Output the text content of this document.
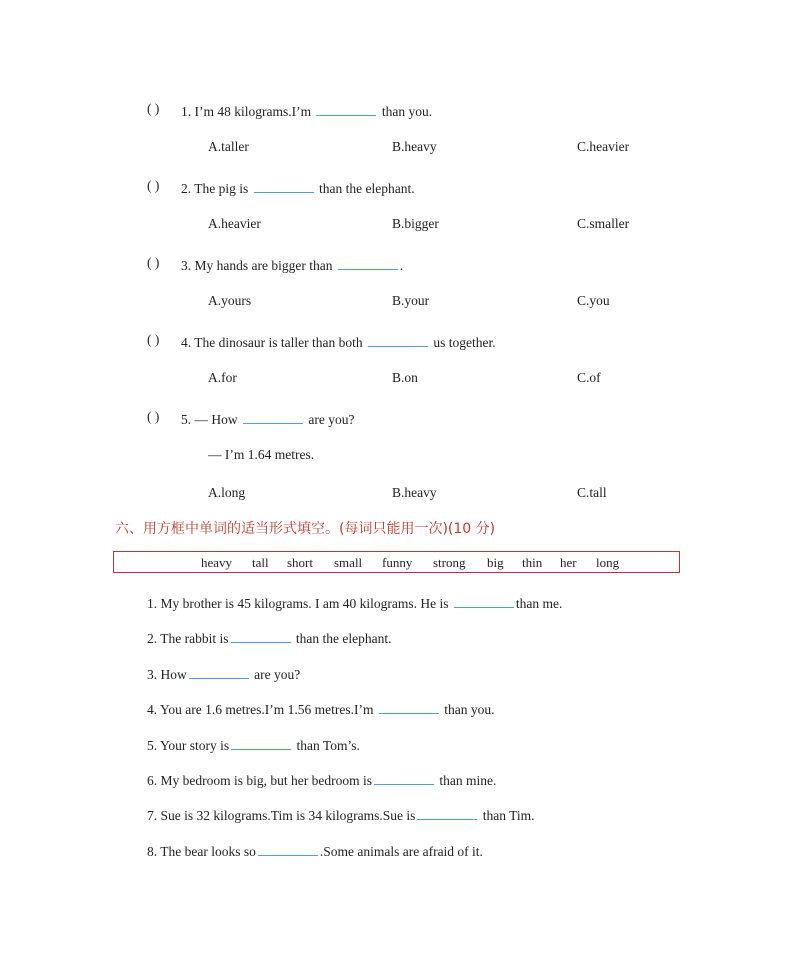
( ) 1. I’m 48 kilograms.I’m	than you.
A.taller	B.heavy	C.heavier
( ) 2. The pig is	than the elephant.
A.heavier	B.bigger	C.smaller
( ) 3. My hands are bigger than	.
A.yours	B.your	C.you
( ) 4. The dinosaur is taller than both	us together.
A.for	B.on	C.of
( ) 5. — How	are you?
— I’m 1.64 metres.
A.long	B.heavy	C.tall
六、用方框中单词的适当形式填空。(每词只能用一次)(10 分)
heavy tall short small funny strong big thin her long
1. My brother is 45 kilograms. I am 40 kilograms. He is	than me.
2. The rabbit is	than the elephant.
3. How	are you?
4. You are 1.6 metres.I’m 1.56 metres.I’m	than you.
5. Your story is	than Tom’s.
6. My bedroom is big, but her bedroom is	than mine.
7. Sue is 32 kilograms.Tim is 34 kilograms.Sue is	than Tim.
8. The bear looks so	.Some animals are afraid of it.
